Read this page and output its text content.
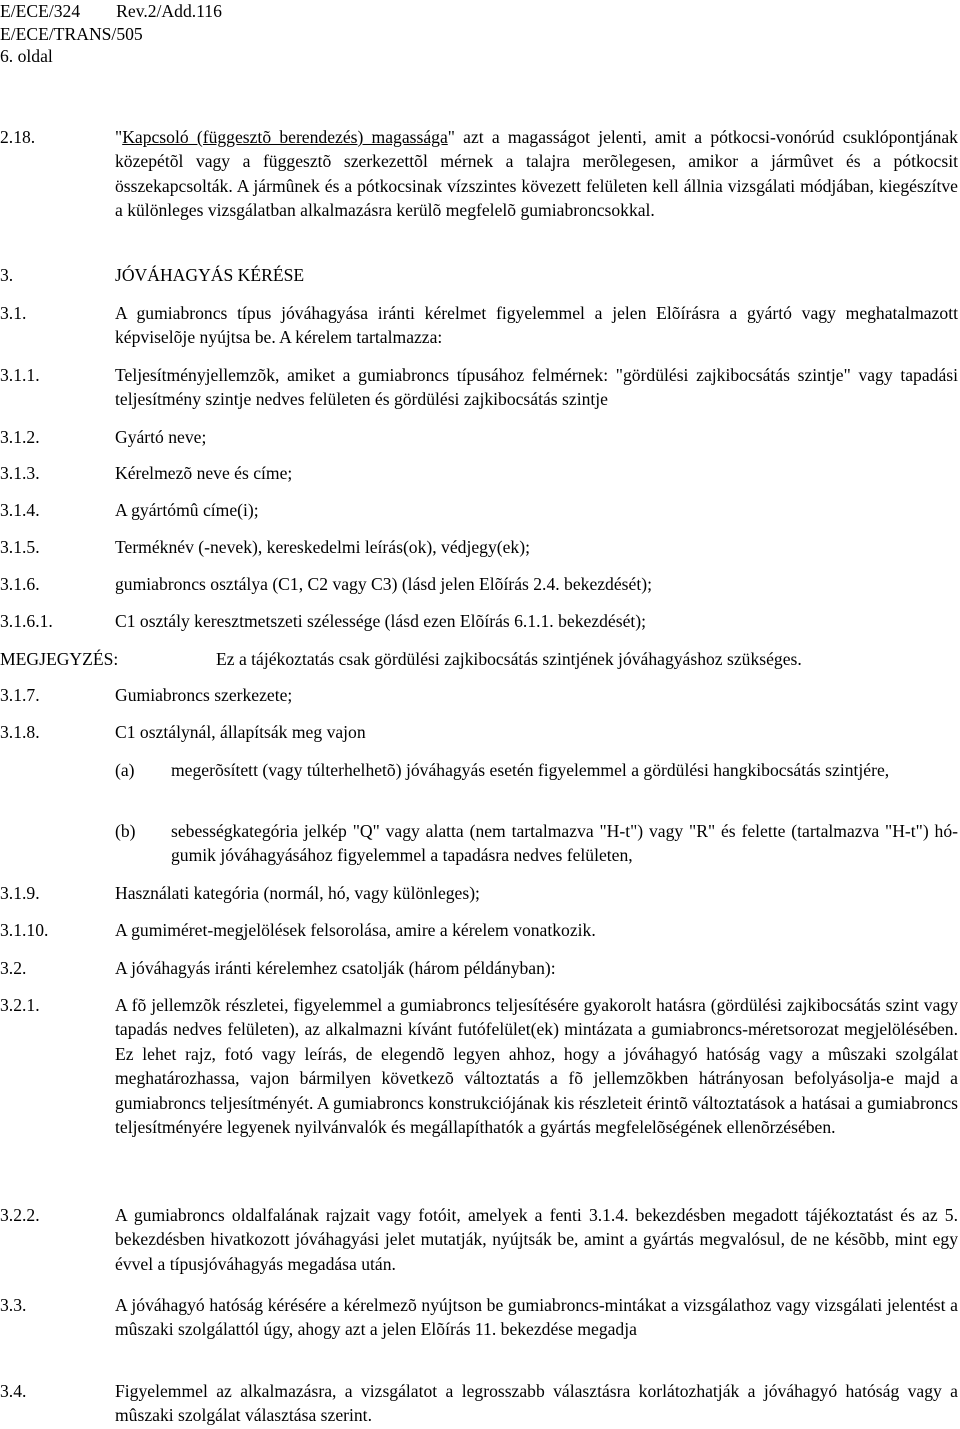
E/ECE/324 Rev.2/Add.116
E/ECE/TRANS/505
6. oldal
2.18.	"Kapcsoló (függesztõ berendezés) magassága" azt a magasságot jelenti, amit a pótkocsi-vonórúd csuklópontjának közepétõl vagy a függesztõ szerkezettõl mérnek a talajra merõlegesen, amikor a jármûvet és a pótkocsit összekapcsolták. A jármûnek és a pótkocsinak vízszintes kövezett felületen kell állnia vizsgálati módjában, kiegészítve a különleges vizsgálatban alkalmazásra kerülõ megfelelõ gumiabroncsokkal.
3.	JÓVÁHAGYÁS KÉRÉSE
3.1.	A gumiabroncs típus jóváhagyása iránti kérelmet figyelemmel a jelen Elõírásra a gyártó vagy meghatalmazott képviselõje nyújtsa be. A kérelem tartalmazza:
3.1.1.	Teljesítményjellemzõk, amiket a gumiabroncs típusához felmérnek: "gördülési zajkibocsátás szintje" vagy tapadási teljesítmény szintje nedves felületen és gördülési zajkibocsátás szintje
3.1.2.	Gyártó neve;
3.1.3.	Kérelmezõ neve és címe;
3.1.4.	A gyártómû címe(i);
3.1.5.	Terméknév (-nevek), kereskedelmi leírás(ok), védjegy(ek);
3.1.6.	gumiabroncs osztálya (C1, C2 vagy C3) (lásd jelen Elõírás 2.4. bekezdését);
3.1.6.1.	C1 osztály keresztmetszeti szélessége (lásd ezen Elõírás 6.1.1. bekezdését);
MEGJEGYZÉS:	Ez a tájékoztatás csak gördülési zajkibocsátás szintjének jóváhagyáshoz szükséges.
3.1.7.	Gumiabroncs szerkezete;
3.1.8.	C1 osztálynál, állapítsák meg vajon
(a) megerõsített (vagy túlterhelhetõ) jóváhagyás esetén figyelemmel a gördülési hangkibocsátás szintjére,
(b) sebességkategória jelkép "Q" vagy alatta (nem tartalmazva "H-t") vagy "R" és felette (tartalmazva "H-t") hó-gumik jóváhagyásához figyelemmel a tapadásra nedves felületen,
3.1.9.	Használati kategória (normál, hó, vagy különleges);
3.1.10.	A gumiméret-megjelölések felsorolása, amire a kérelem vonatkozik.
3.2.	A jóváhagyás iránti kérelemhez csatolják (három példányban):
3.2.1.	A fõ jellemzõk részletei, figyelemmel a gumiabroncs teljesítésére gyakorolt hatásra (gördülési zajkibocsátás szint vagy tapadás nedves felületen), az alkalmazni kívánt futófelület(ek) mintázata a gumiabroncs-méretsorozat megjelölésében. Ez lehet rajz, fotó vagy leírás, de elegendõ legyen ahhoz, hogy a jóváhagyó hatóság vagy a mûszaki szolgálat meghatározhassa, vajon bármilyen következõ változtatás a fõ jellemzõkben hátrányosan befolyásolja-e majd a gumiabroncs teljesítményét. A gumiabroncs konstrukciójának kis részleteit érintõ változtatások a hatásai a gumiabroncs teljesítményére legyenek nyilvánvalók és megállapíthatók a gyártás megfelelõségének ellenõrzésében.
3.2.2.	A gumiabroncs oldalfalának rajzait vagy fotóit, amelyek a fenti 3.1.4. bekezdésben megadott tájékoztatást és az 5. bekezdésben hivatkozott jóváhagyási jelet mutatják, nyújtsák be, amint a gyártás megvalósul, de ne késõbb, mint egy évvel a típusjóváhagyás megadása után.
3.3.	A jóváhagyó hatóság kérésére a kérelmezõ nyújtson be gumiabroncs-mintákat a vizsgálathoz vagy vizsgálati jelentést a mûszaki szolgálattól úgy, ahogy azt a jelen Elõírás 11. bekezdése megadja
3.4.	Figyelemmel az alkalmazásra, a vizsgálatot a legrosszabb választásra korlátozhatják a jóváhagyó hatóság vagy a mûszaki szolgálat választása szerint.
